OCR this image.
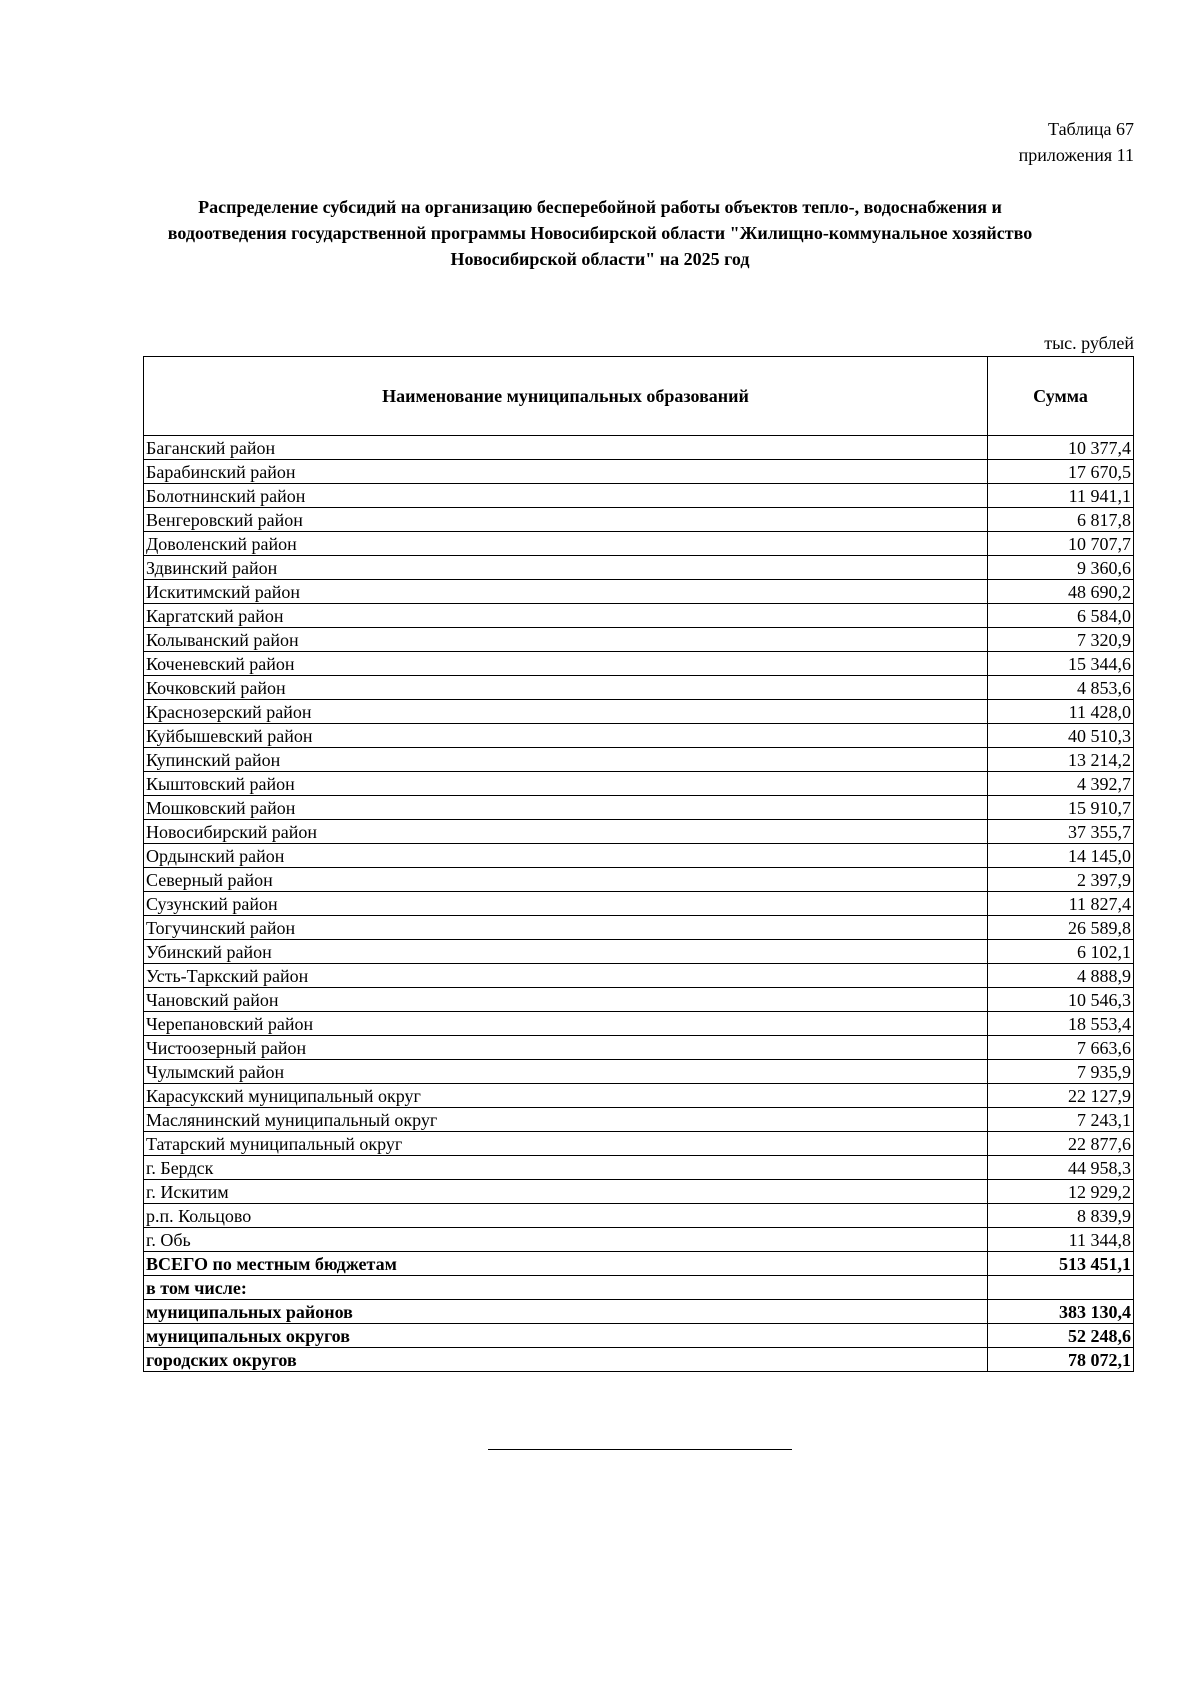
Таблица 67
приложения 11
Распределение субсидий на организацию бесперебойной работы объектов тепло-, водоснабжения и водоотведения государственной программы Новосибирской области "Жилищно-коммунальное хозяйство Новосибирской области" на 2025 год
тыс. рублей
Наименование муниципальных образований	Сумма
Баганский район	10 377,4
Барабинский район	17 670,5
Болотнинский район	11 941,1
Венгеровский район	6 817,8
Доволенский район	10 707,7
Здвинский район	9 360,6
Искитимский район	48 690,2
Каргатский район	6 584,0
Колыванский район	7 320,9
Коченевский район	15 344,6
Кочковский район	4 853,6
Краснозерский район	11 428,0
Куйбышевский район	40 510,3
Купинский район	13 214,2
Кыштовский район	4 392,7
Мошковский район	15 910,7
Новосибирский район	37 355,7
Ордынский район	14 145,0
Северный район	2 397,9
Сузунский район	11 827,4
Тогучинский район	26 589,8
Убинский район	6 102,1
Усть-Таркский район	4 888,9
Чановский район	10 546,3
Черепановский район	18 553,4
Чистоозерный район	7 663,6
Чулымский район	7 935,9
Карасукский муниципальный округ	22 127,9
Маслянинский муниципальный округ	7 243,1
Татарский муниципальный округ	22 877,6
г. Бердск	44 958,3
г. Искитим	12 929,2
р.п. Кольцово	8 839,9
г. Обь	11 344,8
ВСЕГО по местным бюджетам	513 451,1
в том числе:	
муниципальных районов	383 130,4
муниципальных округов	52 248,6
городских округов	78 072,1
